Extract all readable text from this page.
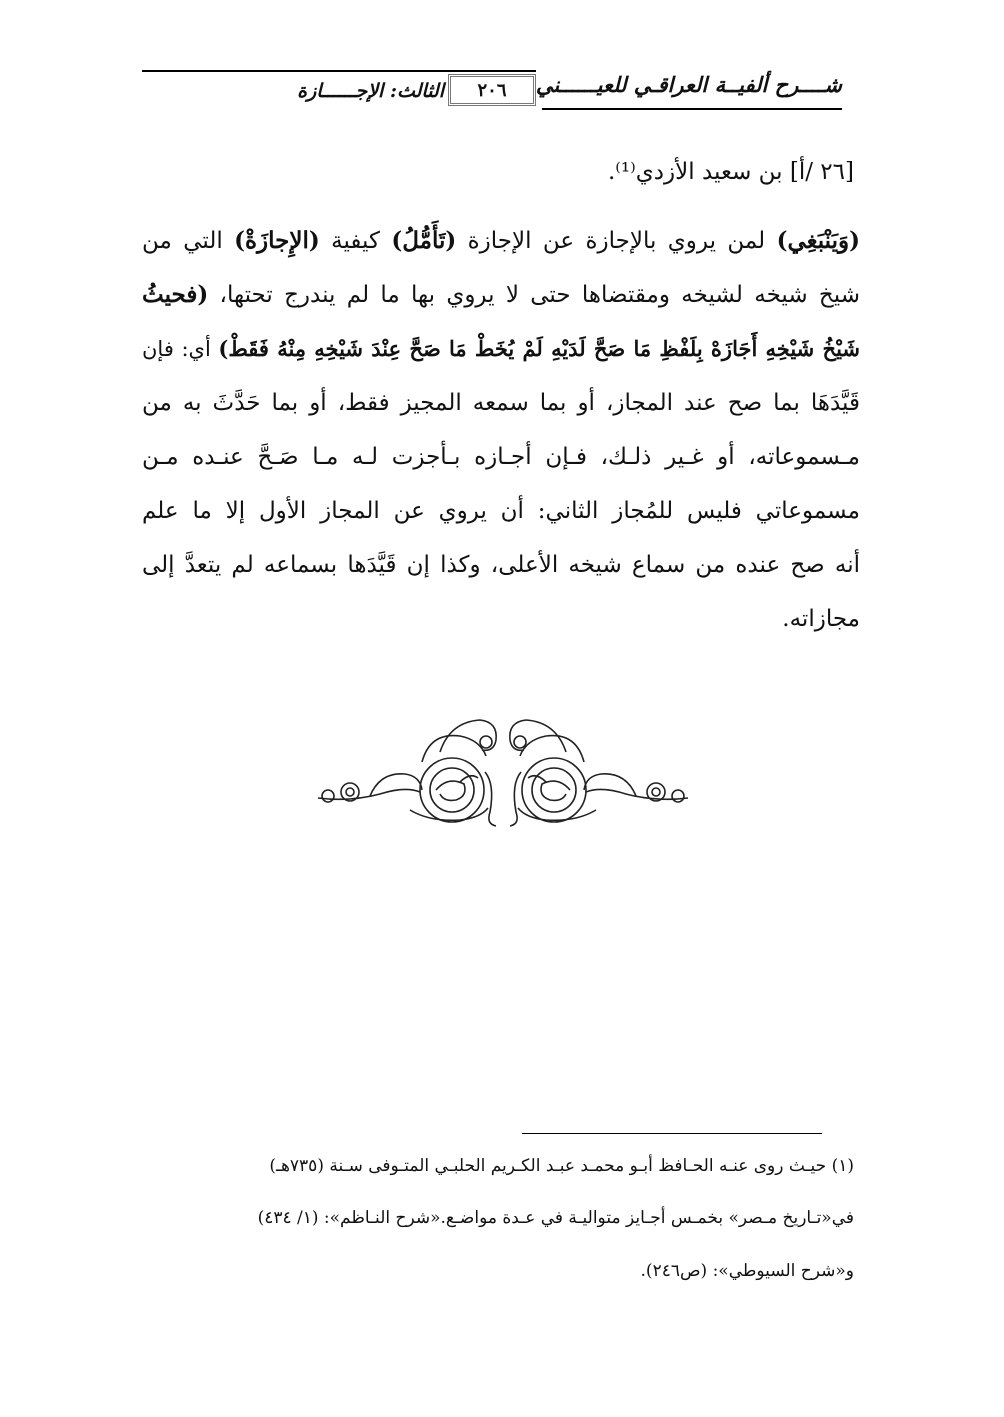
شــــرح ألفيــة العراقـي للعيــــــني
٢٠٦
الثالث: الإجــــــازة
[٢٦ /أ] بن سعيد الأزدي⁽¹⁾.
(وَيَنْبَغِي) لمن يروي بالإجازة عن الإجازة (تَأَمُّلُ) كيفية (الإِجازَةْ) التي من
شيخ شيخه لشيخه ومقتضاها حتى لا يروي بها ما لم يندرج تحتها، (فحيثُ
شَيْخُ شَيْخِهِ أَجَازَهْ بِلَفْظِ مَا صَحَّ لَدَيْهِ لَمْ يُخَطْ مَا صَحَّ عِنْدَ شَيْخِهِ مِنْهُ فَقَطْ) أي: فإن
قَيَّدَهَا بما صح عند المجاز، أو بما سمعه المجيز فقط، أو بما حَدَّثَ به من
مـسموعاته، أو غـير ذلـك، فـإن أجـازه بـأجزت لـه مـا صَـحَّ عنـده مـن
مسموعاتي فليس للمُجاز الثاني: أن يروي عن المجاز الأول إلا ما علم
أنه صح عنده من سماع شيخه الأعلى، وكذا إن قَيَّدَها بسماعه لم يتعدَّ إلى
مجازاته.
(١) حيـث روى عنـه الحـافظ أبـو محمـد عبـد الكـريم الحلبـي المتـوفى سـنة (٧٣٥هـ)
في«تـاريخ مـصر» بخمـس أجـايز متواليـة في عـدة مواضـع.«شرح النـاظم»: (١/ ٤٣٤)
و«شرح السيوطي»: (ص٢٤٦).
